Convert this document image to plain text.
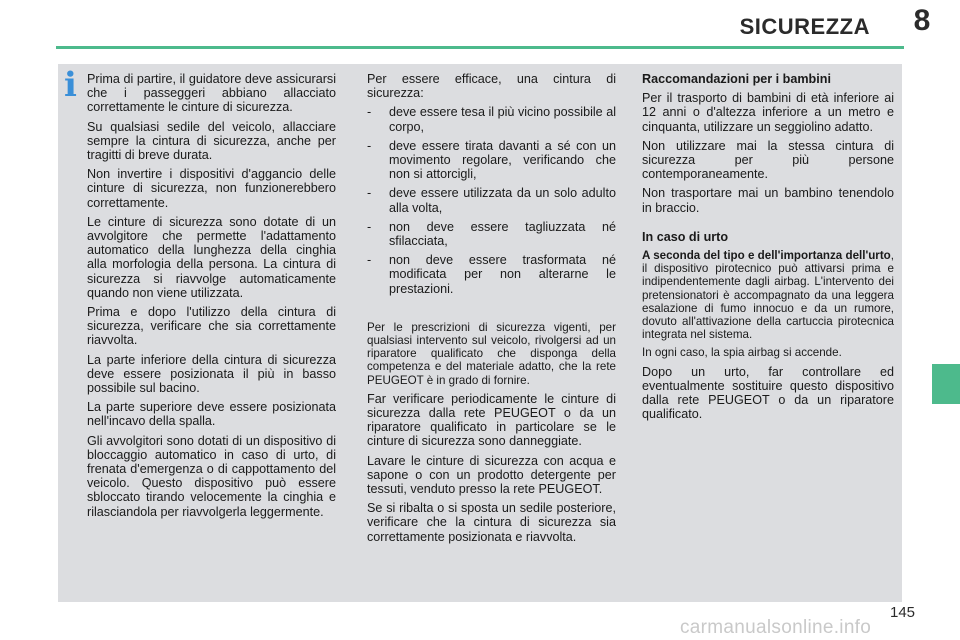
SICUREZZA	8
i Prima di partire, il guidatore deve assicurarsi che i passeggeri abbiano allacciato correttamente le cinture di sicurezza.

Su qualsiasi sedile del veicolo, allacciare sempre la cintura di sicurezza, anche per tragitti di breve durata.

Non invertire i dispositivi d'aggancio delle cinture di sicurezza, non funzionerebbero correttamente.

Le cinture di sicurezza sono dotate di un avvolgitore che permette l'adattamento automatico della lunghezza della cinghia alla morfologia della persona. La cintura di sicurezza si riavvolge automaticamente quando non viene utilizzata.

Prima e dopo l'utilizzo della cintura di sicurezza, verificare che sia correttamente riavvolta.

La parte inferiore della cintura di sicurezza deve essere posizionata il più in basso possibile sul bacino.

La parte superiore deve essere posizionata nell'incavo della spalla.

Gli avvolgitori sono dotati di un dispositivo di bloccaggio automatico in caso di urto, di frenata d'emergenza o di cappottamento del veicolo. Questo dispositivo può essere sbloccato tirando velocemente la cinghia e rilasciandola per riavvolgerla leggermente.

Per essere efficace, una cintura di sicurezza:

- deve essere tesa il più vicino possibile al corpo,
- deve essere tirata davanti a sé con un movimento regolare, verificando che non si attorcigli,
- deve essere utilizzata da un solo adulto alla volta,
- non deve essere tagliuzzata né sfilacciata,
- non deve essere trasformata né modificata per non alterarne le prestazioni.

Per le prescrizioni di sicurezza vigenti, per qualsiasi intervento sul veicolo, rivolgersi ad un riparatore qualificato che disponga della competenza e del materiale adatto, che la rete PEUGEOT è in grado di fornire.

Far verificare periodicamente le cinture di sicurezza dalla rete PEUGEOT o da un riparatore qualificato in particolare se le cinture di sicurezza sono danneggiate.

Lavare le cinture di sicurezza con acqua e sapone o con un prodotto detergente per tessuti, venduto presso la rete PEUGEOT.

Se si ribalta o si sposta un sedile posteriore, verificare che la cintura di sicurezza sia correttamente posizionata e riavvolta.

Raccomandazioni per i bambini

Per il trasporto di bambini di età inferiore ai 12 anni o d'altezza inferiore a un metro e cinquanta, utilizzare un seggiolino adatto.

Non utilizzare mai la stessa cintura di sicurezza per più persone contemporaneamente.

Non trasportare mai un bambino tenendolo in braccio.

In caso di urto

A seconda del tipo e dell'importanza dell'urto, il dispositivo pirotecnico può attivarsi prima e indipendentemente dagli airbag. L'intervento dei pretensionatori è accompagnato da una leggera esalazione di fumo innocuo e da un rumore, dovuto all'attivazione della cartuccia pirotecnica integrata nel sistema.

In ogni caso, la spia airbag si accende.

Dopo un urto, far controllare ed eventualmente sostituire questo dispositivo dalla rete PEUGEOT o da un riparatore qualificato.

145
carmanualsonline.info
